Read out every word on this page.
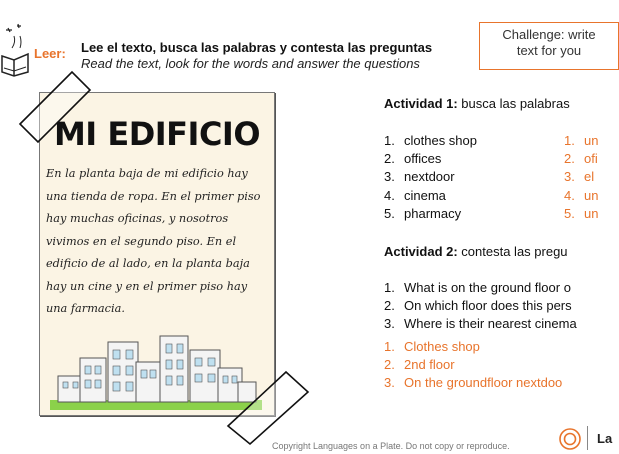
Leer: Lee el texto, busca las palabras y contesta las preguntas
Read the text, look for the words and answer the questions
Challenge: write
text for you
MI EDIFICIO
En la planta baja de mi edificio hay una tienda de ropa. En el primer piso hay muchas oficinas, y nosotros vivimos en el segundo piso. En el edificio de al lado, en la planta baja hay un cine y en el primer piso hay una farmacia.
Actividad 1: busca las palabras
1. clothes shop
2. offices
3. nextdoor
4. cinema
5. pharmacy
1. un
2. ofi
3. el
4. un
5. un
Actividad 2: contesta las pregu
1. What is on the ground floor o
2. On which floor does this pers
3. Where is their nearest cinema
1. Clothes shop
2. 2nd floor
3. On the groundfloor nextdoo
Copyright Languages on a Plate. Do not copy or reproduce.	La
